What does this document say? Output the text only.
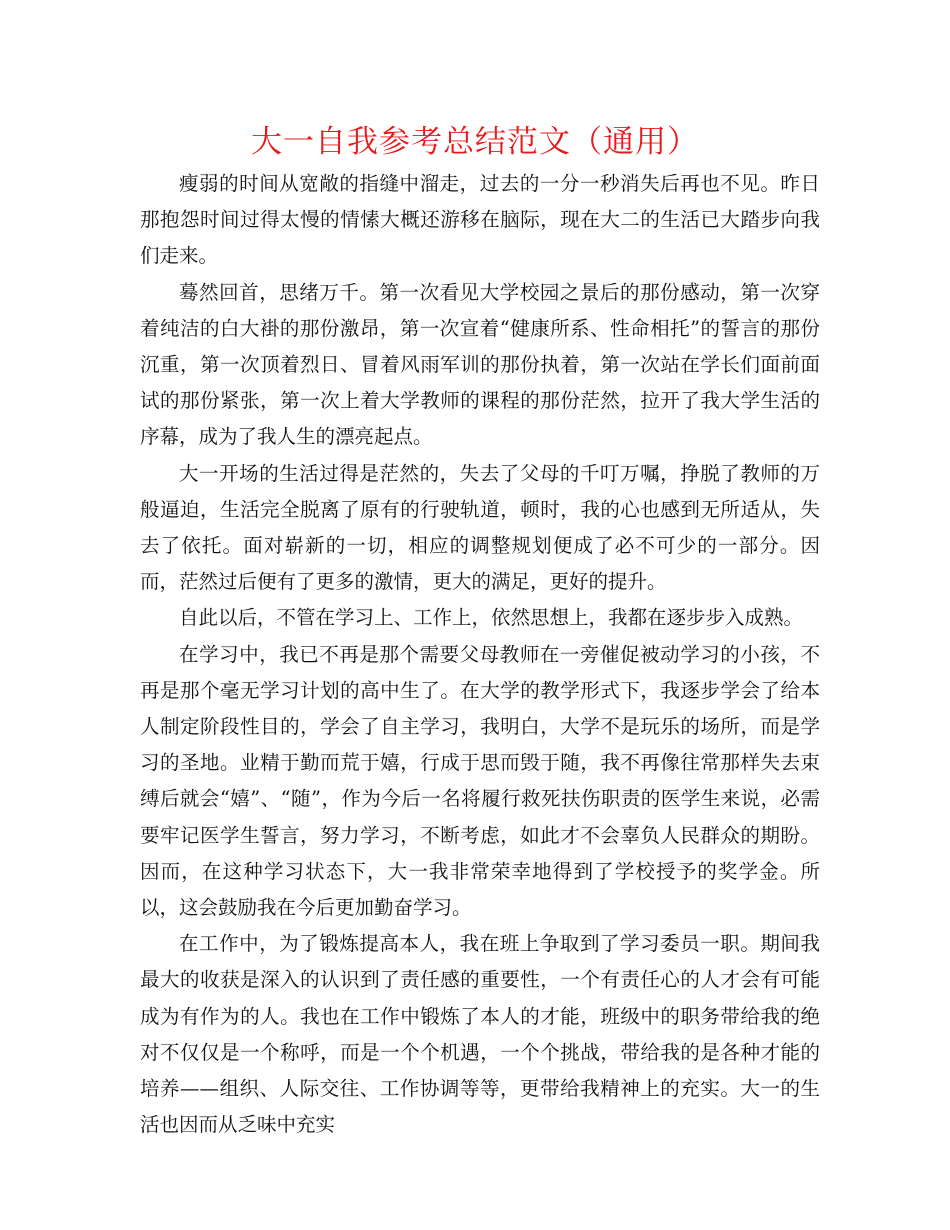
大一自我参考总结范文（通用）

瘦弱的时间从宽敞的指缝中溜走，过去的一分一秒消失后再也不见。昨日那抱怨时间过得太慢的情愫大概还游移在脑际，现在大二的生活已大踏步向我们走来。

蓦然回首，思绪万千。第一次看见大学校园之景后的那份感动，第一次穿着纯洁的白大褂的那份激昂，第一次宣着“健康所系、性命相托”的誓言的那份沉重，第一次顶着烈日、冒着风雨军训的那份执着，第一次站在学长们面前面试的那份紧张，第一次上着大学教师的课程的那份茫然，拉开了我大学生活的序幕，成为了我人生的漂亮起点。

大一开场的生活过得是茫然的，失去了父母的千叮万嘱，挣脱了教师的万般逼迫，生活完全脱离了原有的行驶轨道，顿时，我的心也感到无所适从，失去了依托。面对崭新的一切，相应的调整规划便成了必不可少的一部分。因而，茫然过后便有了更多的激情，更大的满足，更好的提升。

自此以后，不管在学习上、工作上，依然思想上，我都在逐步步入成熟。

在学习中，我已不再是那个需要父母教师在一旁催促被动学习的小孩，不再是那个毫无学习计划的高中生了。在大学的教学形式下，我逐步学会了给本人制定阶段性目的，学会了自主学习，我明白，大学不是玩乐的场所，而是学习的圣地。业精于勤而荒于嬉，行成于思而毁于随，我不再像往常那样失去束缚后就会“嬉”、“随”，作为今后一名将履行救死扶伤职责的医学生来说，必需要牢记医学生誓言，努力学习，不断考虑，如此才不会辜负人民群众的期盼。因而，在这种学习状态下，大一我非常荣幸地得到了学校授予的奖学金。所以，这会鼓励我在今后更加勤奋学习。

在工作中，为了锻炼提高本人，我在班上争取到了学习委员一职。期间我最大的收获是深入的认识到了责任感的重要性，一个有责任心的人才会有可能成为有作为的人。我也在工作中锻炼了本人的才能，班级中的职务带给我的绝对不仅仅是一个称呼，而是一个个机遇，一个个挑战，带给我的是各种才能的培养——组织、人际交往、工作协调等等，更带给我精神上的充实。大一的生活也因而从乏味中充实
